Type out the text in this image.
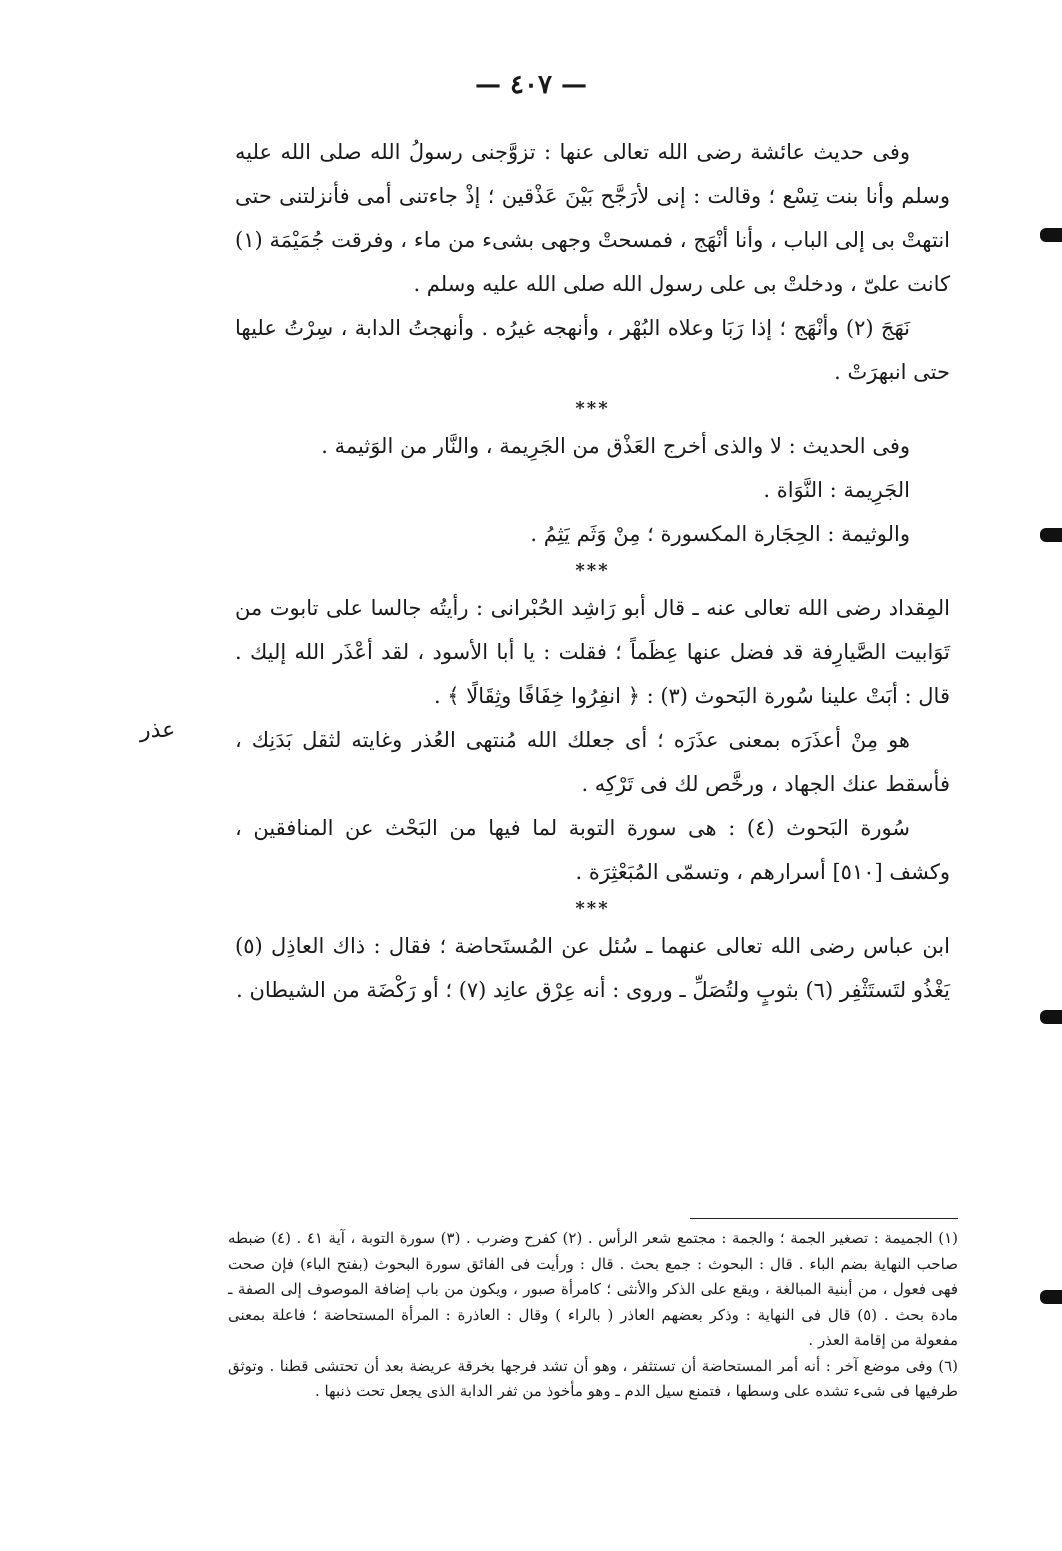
— ٤٠٧ —
عذر

وفى حديث عائشة رضى الله تعالى عنها : تزوَّجنى رسولُ الله صلى الله عليه وسلم وأنا بنت تِسْع ؛ وقالت : إنى لأرَجَّح بَيْنَ عَذْقين ؛ إذْ جاءتنى أمى فأنزلتنى حتى انتهتْ بى إلى الباب ، وأنا أنْهَج ، فمسحتْ وجهى بشىء من ماء ، وفرقت جُمَيْمَة (١) كانت علىّ ، ودخلتْ بى على رسول الله صلى الله عليه وسلم .

نَهَجَ (٢) وأنْهَج ؛ إذا رَبَا وعلاه البُهْر ، وأنهجه غيرُه . وأنهجتُ الدابة ، سِرْتُ عليها حتى انبهرَتْ .

***

وفى الحديث : لا والذى أخرج العَذْق من الجَرِيمة ، والنَّار من الوَثيمة .

الجَرِيمة : النَّوَاة .

والوثيمة : الحِجَارة المكسورة ؛ مِنْ وَثَم يَثِمُ .

***

المِقداد رضى الله تعالى عنه ـ قال أبو رَاشِد الحُبْرانى : رأيتُه جالسا على تابوت من تَوَابيت الصَّيارِفة قد فضل عنها عِظَماً ؛ فقلت : يا أبا الأسود ، لقد أعْذَر الله إليك . قال : أبَتْ علينا سُورة البَحوث (٣) : ﴿ انفِرُوا خِفَافًا وثِقَالًا ﴾ .

هو مِنْ أعذَرَه بمعنى عذَرَه ؛ أى جعلك الله مُنتهى العُذر وغايته لثقل بَدَنِك ، فأسقط عنك الجهاد ، ورخَّص لك فى تَرْكِه .

سُورة البَحوث (٤) : هى سورة التوبة لما فيها من البَحْث عن المنافقين ، وكشف [٥١٠] أسرارهم ، وتسمّى المُبَعْثِرَة .

***

ابن عباس رضى الله تعالى عنهما ـ سُئل عن المُستَحاضة ؛ فقال : ذاك العاذِل (٥) يَغْذُو لتَستَثْفِر (٦) بثوبٍ ولتُصَلِّ ـ وروى : أنه عِرْق عانِد (٧) ؛ أو رَكْضَة من الشيطان .

(١) الجميمة : تصغير الجمة ؛ والجمة : مجتمع شعر الرأس . (٢) كفرح وضرب . (٣) سورة التوبة ، آية ٤١ . (٤) ضبطه صاحب النهاية بضم الباء . قال : البحوث : جمع بحث . قال : ورأيت فى الفائق سورة البحوث (بفتح الباء) فإن صحت فهى فعول ، من أبنية المبالغة ، ويقع على الذكر والأنثى ؛ كامرأة صبور ، ويكون من باب إضافة الموصوف إلى الصفة ـ مادة بحث . (٥) قال فى النهاية : وذكر بعضهم العاذر ( بالراء ) وقال : العاذرة : المرأة المستحاضة ؛ فاعلة بمعنى مفعولة من إقامة العذر .

(٦) وفى موضع آخر : أنه أمر المستحاضة أن تستثفر ، وهو أن تشد فرجها بخرقة عريضة بعد أن تحتشى قطنا . وتوثق طرفيها فى شىء تشده على وسطها ، فتمنع سيل الدم ـ وهو مأخوذ من ثفر الدابة الذى يجعل تحت ذنبها .
